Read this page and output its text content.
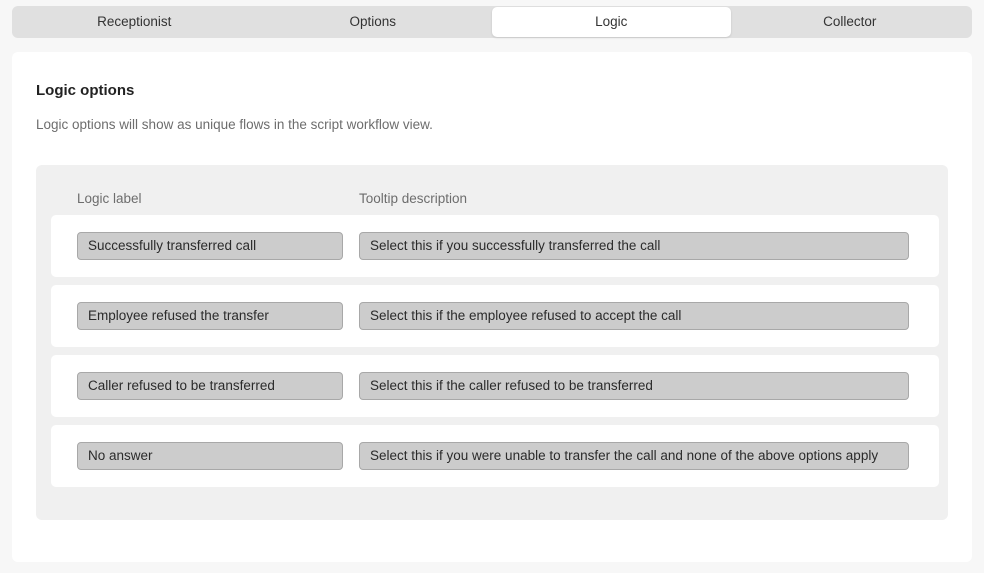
Receptionist	Options	Logic	Collector
Logic options
Logic options will show as unique flows in the script workflow view.
Logic label	Tooltip description
Successfully transferred call	Select this if you successfully transferred the call
Employee refused the transfer	Select this if the employee refused to accept the call
Caller refused to be transferred	Select this if the caller refused to be transferred
No answer	Select this if you were unable to transfer the call and none of the above options apply
